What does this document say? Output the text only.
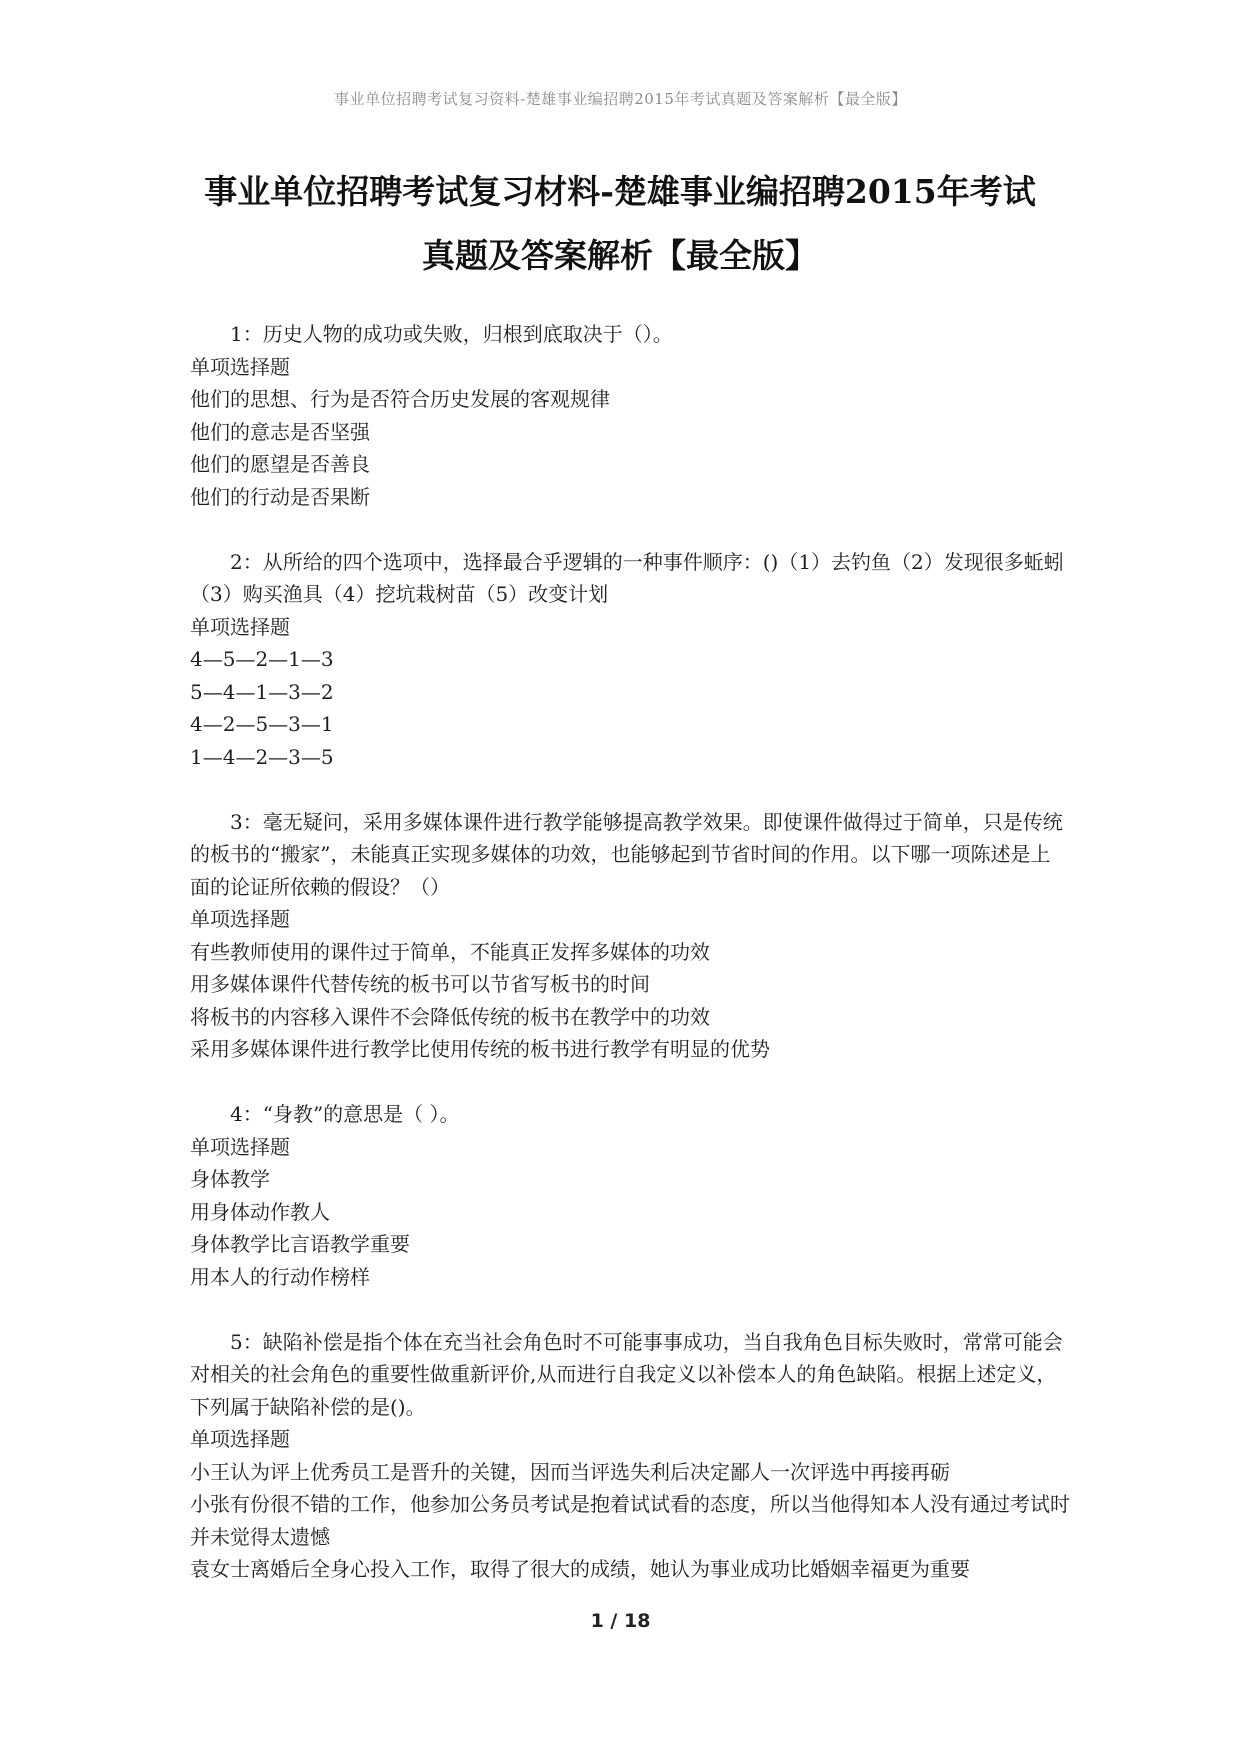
事业单位招聘考试复习资料-楚雄事业编招聘2015年考试真题及答案解析【最全版】
事业单位招聘考试复习材料-楚雄事业编招聘2015年考试
真题及答案解析【最全版】
1：历史人物的成功或失败，归根到底取决于（）。
单项选择题
他们的思想、行为是否符合历史发展的客观规律
他们的意志是否坚强
他们的愿望是否善良
他们的行动是否果断
2：从所给的四个选项中，选择最合乎逻辑的一种事件顺序：()（1）去钓鱼（2）发现很多蚯蚓（3）购买渔具（4）挖坑栽树苗（5）改变计划
单项选择题
4—5—2—1—3
5—4—1—3—2
4—2—5—3—1
1—4—2—3—5
3：毫无疑问，采用多媒体课件进行教学能够提高教学效果。即使课件做得过于简单，只是传统的板书的“搬家”，未能真正实现多媒体的功效，也能够起到节省时间的作用。以下哪一项陈述是上面的论证所依赖的假设？（）
单项选择题
有些教师使用的课件过于简单，不能真正发挥多媒体的功效
用多媒体课件代替传统的板书可以节省写板书的时间
将板书的内容移入课件不会降低传统的板书在教学中的功效
采用多媒体课件进行教学比使用传统的板书进行教学有明显的优势
4：“身教”的意思是（ ）。
单项选择题
身体教学
用身体动作教人
身体教学比言语教学重要
用本人的行动作榜样
5：缺陷补偿是指个体在充当社会角色时不可能事事成功，当自我角色目标失败时，常常可能会对相关的社会角色的重要性做重新评价,从而进行自我定义以补偿本人的角色缺陷。根据上述定义，下列属于缺陷补偿的是()。
单项选择题
小王认为评上优秀员工是晋升的关键，因而当评选失利后决定鄙人一次评选中再接再砺
小张有份很不错的工作，他参加公务员考试是抱着试试看的态度，所以当他得知本人没有通过考试时并未觉得太遗憾
袁女士离婚后全身心投入工作，取得了很大的成绩，她认为事业成功比婚姻幸福更为重要
1 / 18
